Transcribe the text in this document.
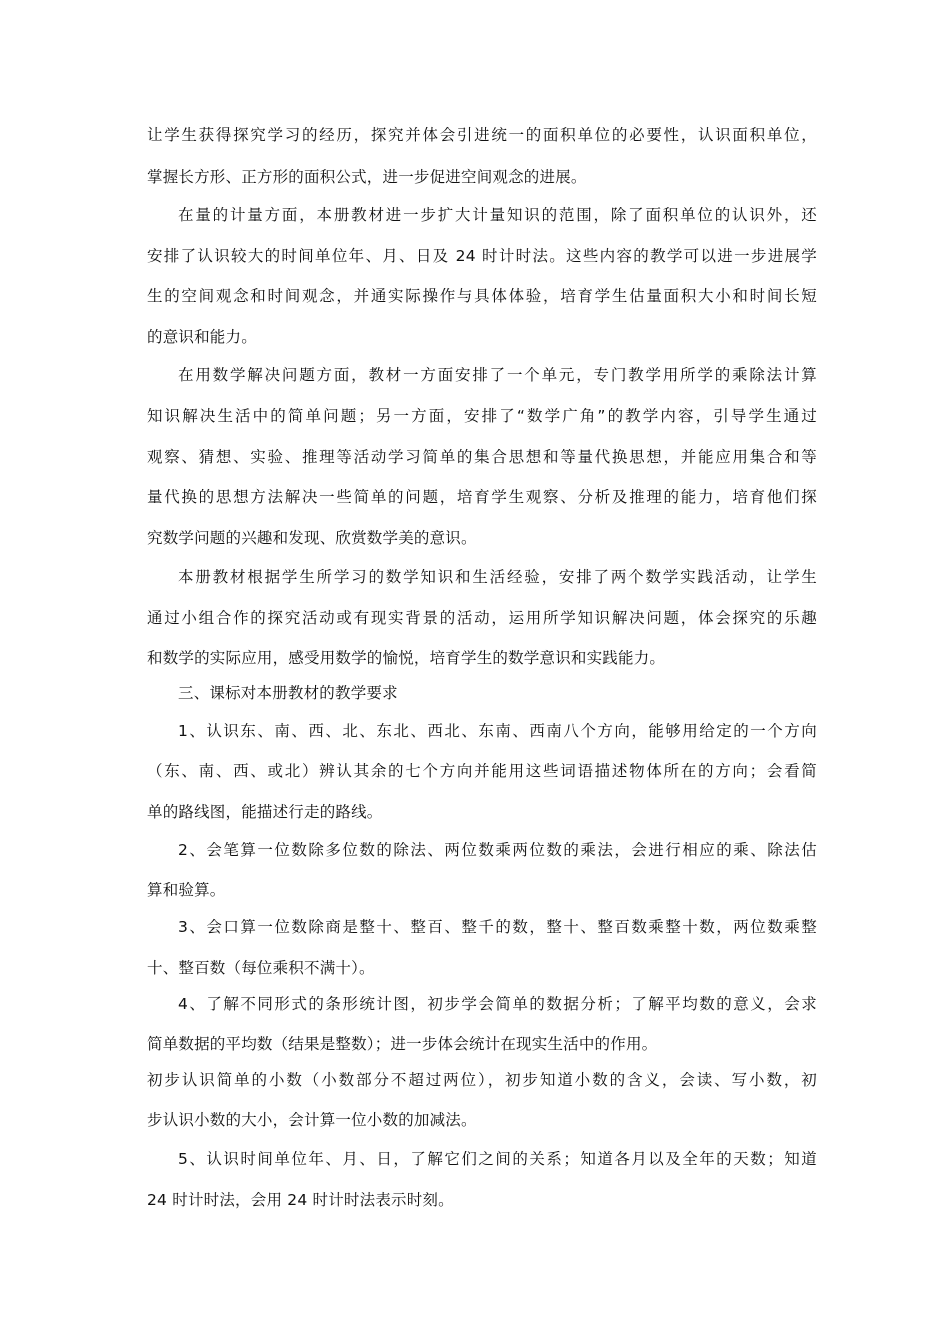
让学生获得探究学习的经历，探究并体会引进统一的面积单位的必要性，认识面积单位，
掌握长方形、正方形的面积公式，进一步促进空间观念的进展。
在量的计量方面，本册教材进一步扩大计量知识的范围，除了面积单位的认识外，还
安排了认识较大的时间单位年、月、日及 24 时计时法。这些内容的教学可以进一步进展学
生的空间观念和时间观念，并通实际操作与具体体验，培育学生估量面积大小和时间长短
的意识和能力。
在用数学解决问题方面，教材一方面安排了一个单元，专门教学用所学的乘除法计算
知识解决生活中的简单问题；另一方面，安排了“数学广角”的教学内容，引导学生通过
观察、猜想、实验、推理等活动学习简单的集合思想和等量代换思想，并能应用集合和等
量代换的思想方法解决一些简单的问题，培育学生观察、分析及推理的能力，培育他们探
究数学问题的兴趣和发现、欣赏数学美的意识。
本册教材根据学生所学习的数学知识和生活经验，安排了两个数学实践活动，让学生
通过小组合作的探究活动或有现实背景的活动，运用所学知识解决问题，体会探究的乐趣
和数学的实际应用，感受用数学的愉悦，培育学生的数学意识和实践能力。
三、课标对本册教材的教学要求
1、认识东、南、西、北、东北、西北、东南、西南八个方向，能够用给定的一个方向
（东、南、西、或北）辨认其余的七个方向并能用这些词语描述物体所在的方向；会看简
单的路线图，能描述行走的路线。
2、会笔算一位数除多位数的除法、两位数乘两位数的乘法，会进行相应的乘、除法估
算和验算。
3、会口算一位数除商是整十、整百、整千的数，整十、整百数乘整十数，两位数乘整
十、整百数（每位乘积不满十）。
4、了解不同形式的条形统计图，初步学会简单的数据分析；了解平均数的意义，会求
简单数据的平均数（结果是整数）；进一步体会统计在现实生活中的作用。
初步认识简单的小数（小数部分不超过两位），初步知道小数的含义，会读、写小数，初
步认识小数的大小，会计算一位小数的加减法。
5、认识时间单位年、月、日，了解它们之间的关系；知道各月以及全年的天数；知道
24 时计时法，会用 24 时计时法表示时刻。
